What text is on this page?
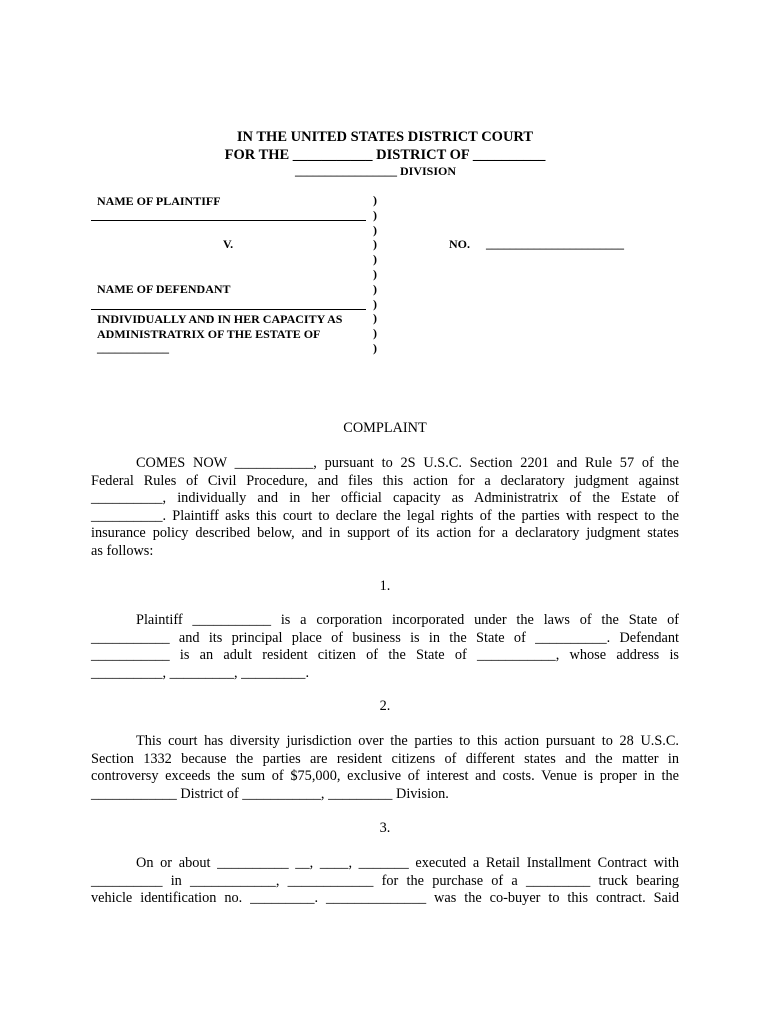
IN THE UNITED STATES DISTRICT COURT
FOR THE ___________ DISTRICT OF __________
_________________ DIVISION
NAME OF PLAINTIFF
V.
NAME OF DEFENDANT
INDIVIDUALLY AND IN HER CAPACITY AS
ADMINISTRATRIX OF THE ESTATE OF
____________
)
)
)
)
)
)
)
)
)
)
)
NO. _______________________
COMPLAINT
COMES NOW ___________, pursuant to 2S U.S.C. Section 2201 and Rule 57 of the
Federal Rules of Civil Procedure, and files this action for a declaratory judgment against
__________, individually and in her official capacity as Administratrix of the Estate of
__________. Plaintiff asks this court to declare the legal rights of the parties with respect to the
insurance policy described below, and in support of its action for a declaratory judgment states
as follows:
1.
Plaintiff ___________ is a corporation incorporated under the laws of the State of
___________ and its principal place of business is in the State of __________. Defendant
___________ is an adult resident citizen of the State of ___________, whose address is
__________, _________, _________.
2.
This court has diversity jurisdiction over the parties to this action pursuant to 28 U.S.C.
Section 1332 because the parties are resident citizens of different states and the matter in
controversy exceeds the sum of $75,000, exclusive of interest and costs. Venue is proper in the
____________ District of ___________, _________ Division.
3.
On or about __________ __, ____, _______ executed a Retail Installment Contract with
__________ in ____________, ____________ for the purchase of a _________ truck bearing
vehicle identification no. _________. ______________ was the co-buyer to this contract. Said
